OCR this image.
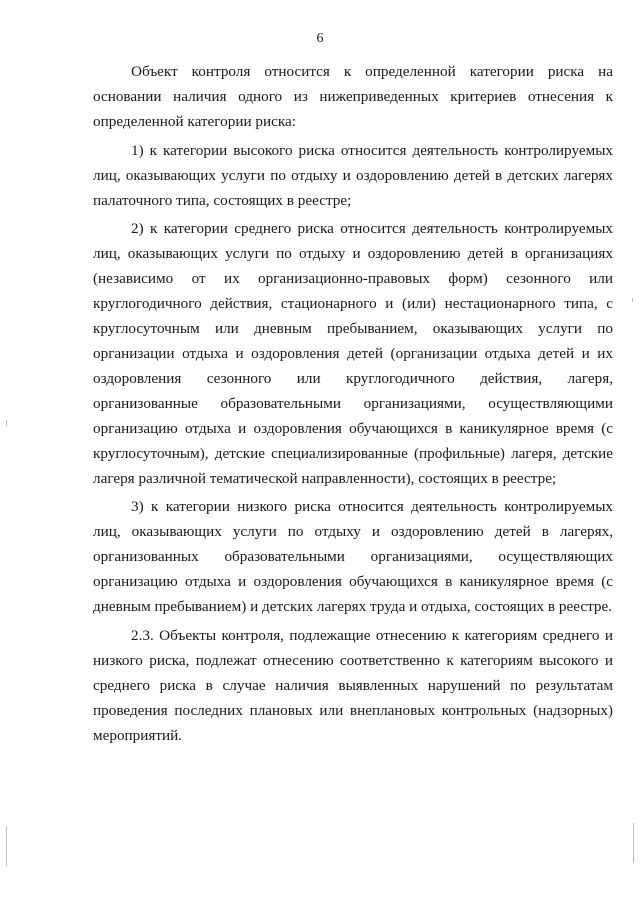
6

Объект контроля относится к определенной категории риска на основании наличия одного из нижеприведенных критериев отнесения к определенной категории риска:

1) к категории высокого риска относится деятельность контролируемых лиц, оказывающих услуги по отдыху и оздоровлению детей в детских лагерях палаточного типа, состоящих в реестре;

2) к категории среднего риска относится деятельность контролируемых лиц, оказывающих услуги по отдыху и оздоровлению детей в организациях (независимо от их организационно-правовых форм) сезонного или круглогодичного действия, стационарного и (или) нестационарного типа, с круглосуточным или дневным пребыванием, оказывающих услуги по организации отдыха и оздоровления детей (организации отдыха детей и их оздоровления сезонного или круглогодичного действия, лагеря, организованные образовательными организациями, осуществляющими организацию отдыха и оздоровления обучающихся в каникулярное время (с круглосуточным), детские специализированные (профильные) лагеря, детские лагеря различной тематической направленности), состоящих в реестре;

3) к категории низкого риска относится деятельность контролируемых лиц, оказывающих услуги по отдыху и оздоровлению детей в лагерях, организованных образовательными организациями, осуществляющих организацию отдыха и оздоровления обучающихся в каникулярное время (с дневным пребыванием) и детских лагерях труда и отдыха, состоящих в реестре.

2.3. Объекты контроля, подлежащие отнесению к категориям среднего и низкого риска, подлежат отнесению соответственно к категориям высокого и среднего риска в случае наличия выявленных нарушений по результатам проведения последних плановых или внеплановых контрольных (надзорных) мероприятий.
